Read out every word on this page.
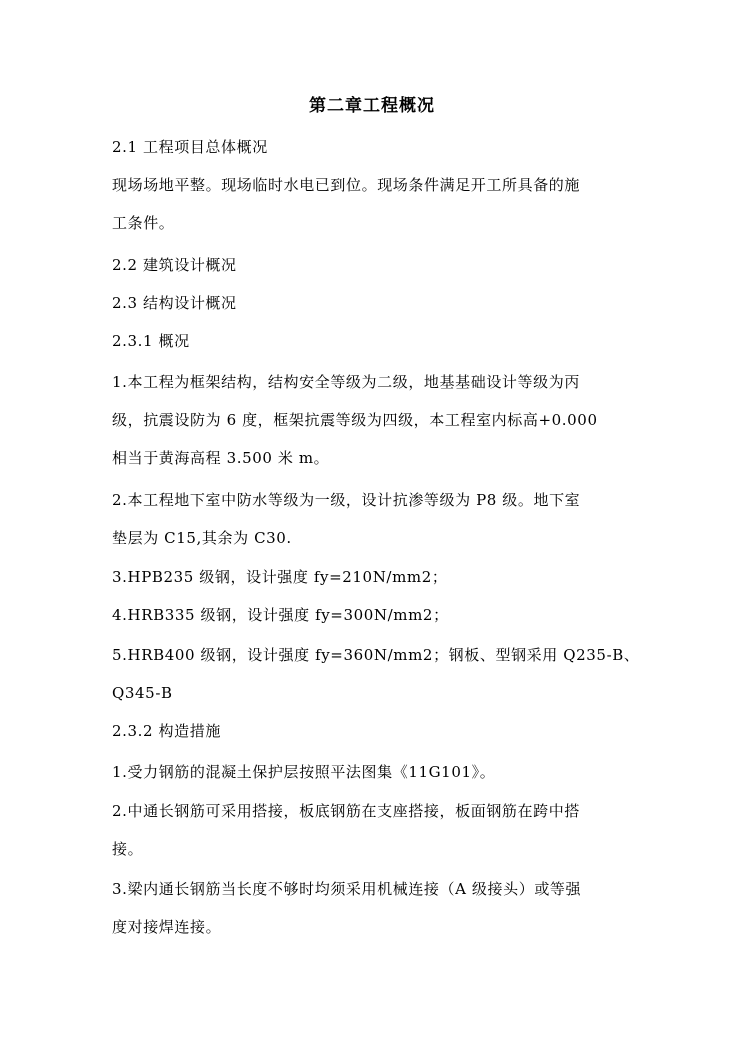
第二章工程概况
2.1 工程项目总体概况
现场场地平整。现场临时水电已到位。现场条件满足开工所具备的施
工条件。
2.2 建筑设计概况
2.3 结构设计概况
2.3.1 概况
1.本工程为框架结构，结构安全等级为二级，地基基础设计等级为丙
级，抗震设防为 6 度，框架抗震等级为四级，本工程室内标高+0.000
相当于黄海高程 3.500 米 m。
2.本工程地下室中防水等级为一级，设计抗渗等级为 P8 级。地下室
垫层为 C15,其余为 C30.
3.HPB235 级钢，设计强度 fy=210N/mm2；
4.HRB335 级钢，设计强度 fy=300N/mm2；
5.HRB400 级钢，设计强度 fy=360N/mm2；钢板、型钢采用 Q235-B、
Q345-B
2.3.2 构造措施
1.受力钢筋的混凝土保护层按照平法图集《11G101》。
2.中通长钢筋可采用搭接，板底钢筋在支座搭接，板面钢筋在跨中搭
接。
3.梁内通长钢筋当长度不够时均须采用机械连接（A 级接头）或等强
度对接焊连接。
